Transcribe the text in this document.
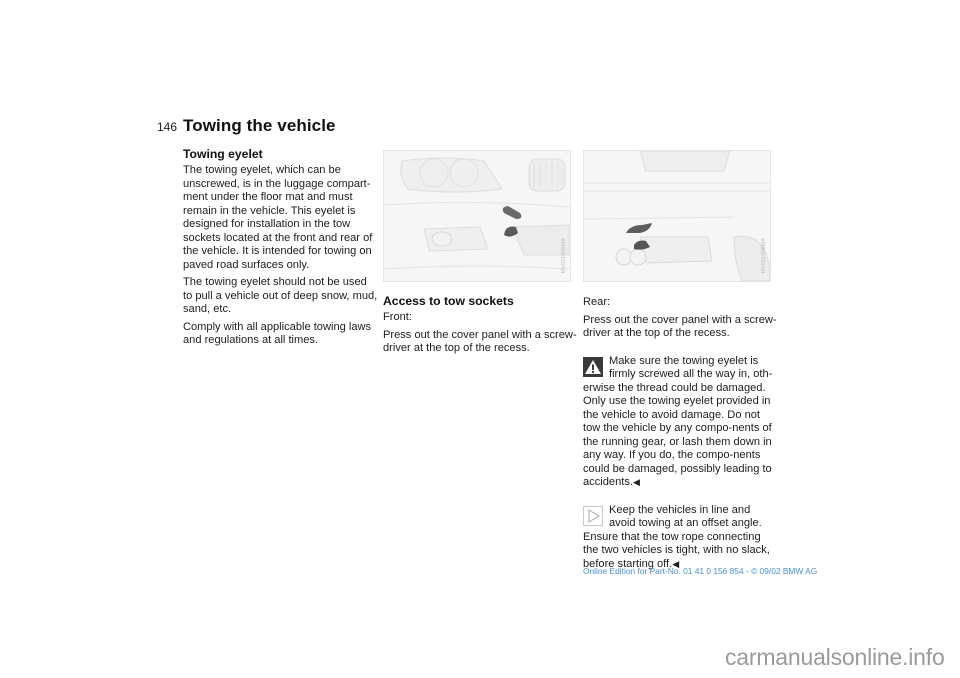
146 Towing the vehicle
Towing eyelet

The towing eyelet, which can be unscrewed, is in the luggage compart-ment under the floor mat and must remain in the vehicle. This eyelet is designed for installation in the tow sockets located at the front and rear of the vehicle. It is intended for towing on paved road surfaces only.

The towing eyelet should not be used to pull a vehicle out of deep snow, mud, sand, etc.

Comply with all applicable towing laws and regulations at all times.

MV03140BMA	MV03140BMA
Access to tow sockets

Front:

Press out the cover panel with a screw-driver at the top of the recess.

Rear:

Press out the cover panel with a screw-driver at the top of the recess.

Make sure the towing eyelet is firmly screwed all the way in, oth-erwise the thread could be damaged. Only use the towing eyelet provided in the vehicle to avoid damage. Do not tow the vehicle by any compo-nents of the running gear, or lash them down in any way. If you do, the compo-nents could be damaged, possibly leading to accidents.◀
Keep the vehicles in line and avoid towing at an offset angle. Ensure that the tow rope connecting the two vehicles is tight, with no slack, before starting off.◀
Online Edition for Part-No. 01 41 0 156 854 - © 09/02 BMW AG
carmanualsonline.info
